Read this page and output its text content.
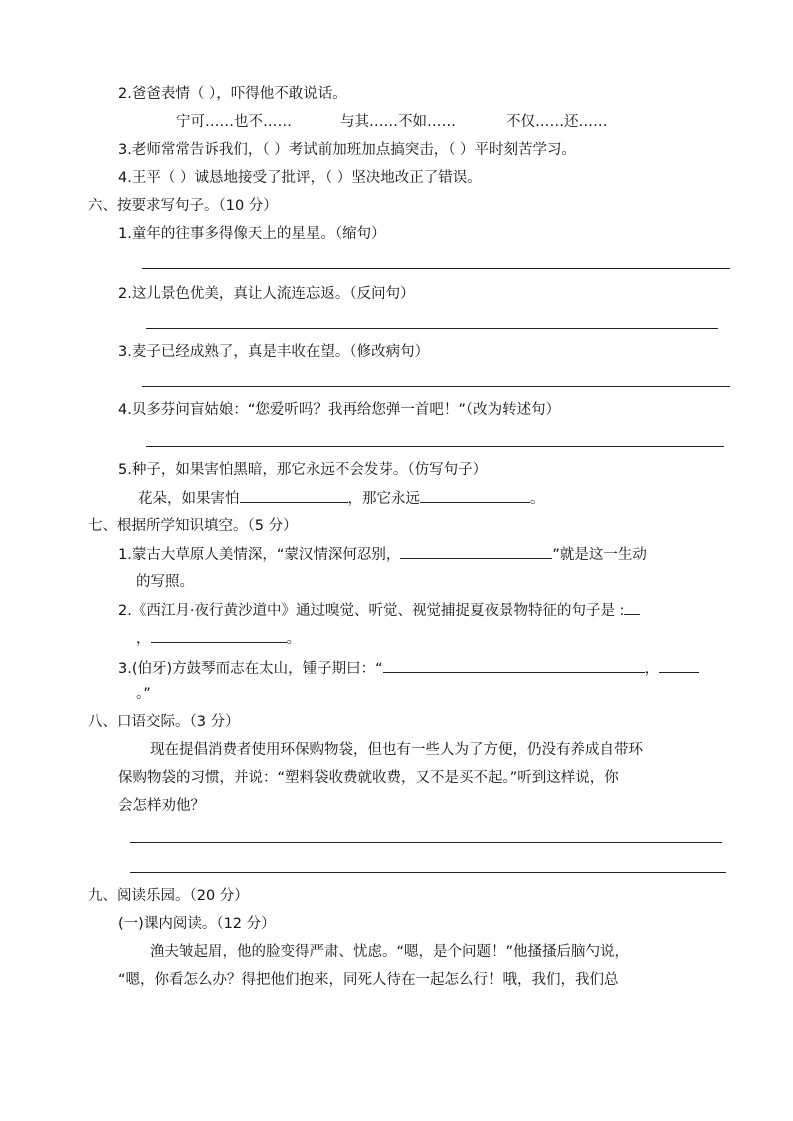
2.爸爸表情（ ），吓得他不敢说话。
宁可……也不……	与其……不如……	不仅……还……
3.老师常常告诉我们，（ ）考试前加班加点搞突击，（ ）平时刻苦学习。
4.王平（ ）诚恳地接受了批评，（ ）坚决地改正了错误。
六、按要求写句子。（10 分）
1.童年的往事多得像天上的星星。（缩句）
2.这儿景色优美，真让人流连忘返。（反问句）
3.麦子已经成熟了，真是丰收在望。（修改病句）
4.贝多芬问盲姑娘：“您爱听吗？我再给您弹一首吧！”（改为转述句）
5.种子，如果害怕黑暗，那它永远不会发芽。（仿写句子）
花朵，如果害怕	，那它永远	。
七、根据所学知识填空。（5 分）
1.蒙古大草原人美情深，“蒙汉情深何忍别，	”就是这一生动
的写照。
2.《西江月·夜行黄沙道中》通过嗅觉、听觉、视觉捕捉夏夜景物特征的句子是 :
，	。
3.(伯牙)方鼓琴而志在太山，锺子期曰：“	，
。”
八、口语交际。（3 分）
现在提倡消费者使用环保购物袋，但也有一些人为了方便，仍没有养成自带环
保购物袋的习惯，并说：“塑料袋收费就收费，又不是买不起。”听到这样说，你
会怎样劝他？
九、阅读乐园。（20 分）
(一)课内阅读。（12 分）
渔夫皱起眉，他的脸变得严肃、忧虑。“嗯，是个问题！”他搔搔后脑勺说，
“嗯，你看怎么办？得把他们抱来，同死人待在一起怎么行！哦，我们，我们总
